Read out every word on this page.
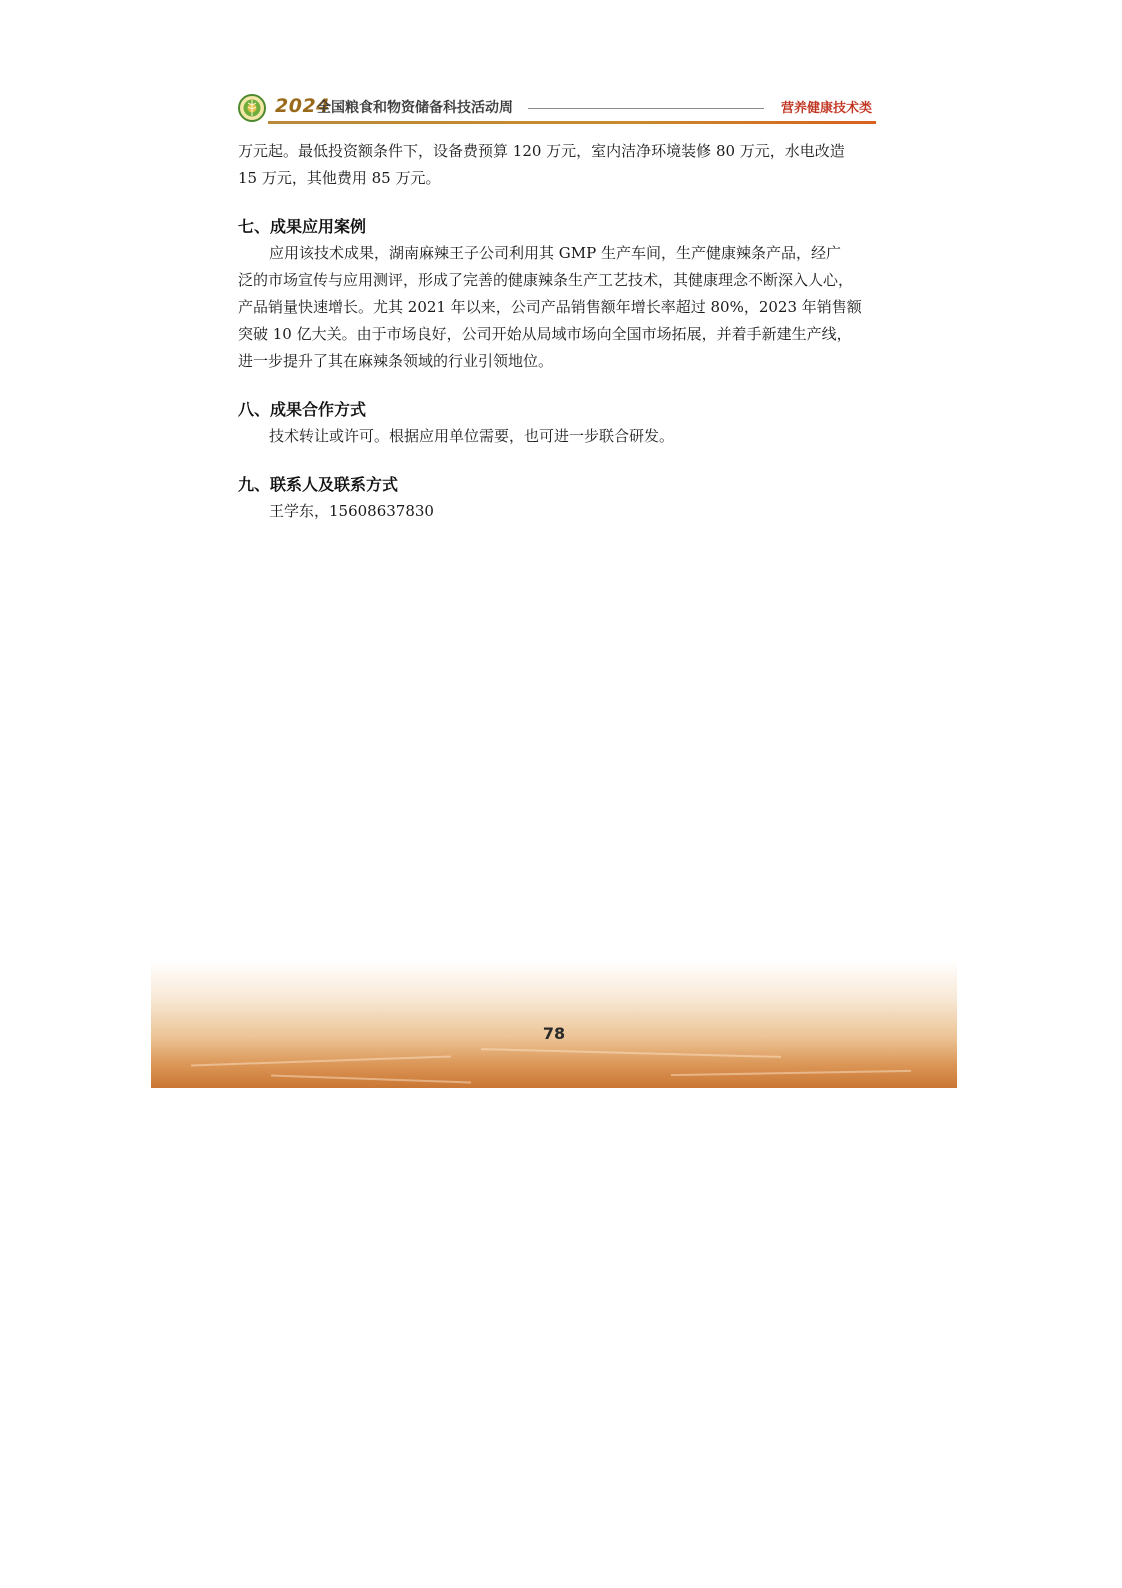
2024
全国粮食和物资储备科技活动周	营养健康技术类

万元起。最低投资额条件下，设备费预算 120 万元，室内洁净环境装修 80 万元，水电改造
15 万元，其他费用 85 万元。

七、成果应用案例

应用该技术成果，湖南麻辣王子公司利用其 GMP 生产车间，生产健康辣条产品，经广
泛的市场宣传与应用测评，形成了完善的健康辣条生产工艺技术，其健康理念不断深入人心，
产品销量快速增长。尤其 2021 年以来，公司产品销售额年增长率超过 80%，2023 年销售额
突破 10 亿大关。由于市场良好，公司开始从局域市场向全国市场拓展，并着手新建生产线，
进一步提升了其在麻辣条领域的行业引领地位。

八、成果合作方式

技术转让或许可。根据应用单位需要，也可进一步联合研发。

九、联系人及联系方式

王学东，15608637830

78
